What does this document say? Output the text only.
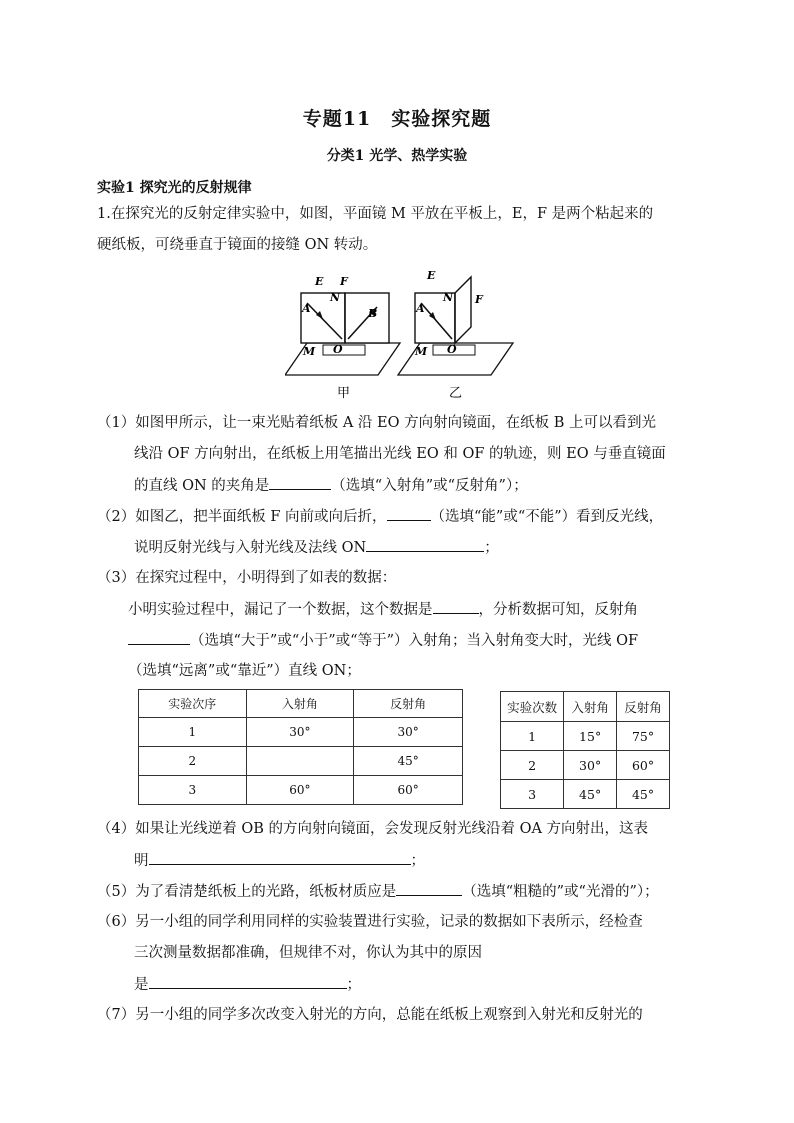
专题11　实验探究题
分类1 光学、热学实验
实验1 探究光的反射规律
1.在探究光的反射定律实验中，如图，平面镜 M 平放在平板上，E，F 是两个粘起来的
硬纸板，可绕垂直于镜面的接缝 ON 转动。
E F
N
A	B
M O
甲
E
F
N
A
M O
乙
（1）如图甲所示，让一束光贴着纸板 A 沿 EO 方向射向镜面，在纸板 B 上可以看到光
线沿 OF 方向射出，在纸板上用笔描出光线 EO 和 OF 的轨迹，则 EO 与垂直镜面
的直线 ON 的夹角是	（选填“入射角”或“反射角”）；
（2）如图乙，把半面纸板 F 向前或向后折，	（选填“能”或“不能”）看到反光线，
说明反射光线与入射光线及法线 ON	；
（3）在探究过程中，小明得到了如表的数据：
小明实验过程中，漏记了一个数据，这个数据是	，分析数据可知，反射角
（选填“大于”或“小于”或“等于”）入射角；当入射角变大时，光线 OF
（选填“远离”或“靠近”）直线 ON；
实验次序	入射角	反射角
1	30°	30°
2		45°
3	60°	60°
实验次数	入射角	反射角
1	15°	75°
2	30°	60°
3	45°	45°
（4）如果让光线逆着 OB 的方向射向镜面，会发现反射光线沿着 OA 方向射出，这表
明	；
（5）为了看清楚纸板上的光路，纸板材质应是	（选填“粗糙的”或“光滑的”）；
（6）另一小组的同学利用同样的实验装置进行实验，记录的数据如下表所示，经检查
三次测量数据都准确，但规律不对，你认为其中的原因
是	；
（7）另一小组的同学多次改变入射光的方向，总能在纸板上观察到入射光和反射光的
